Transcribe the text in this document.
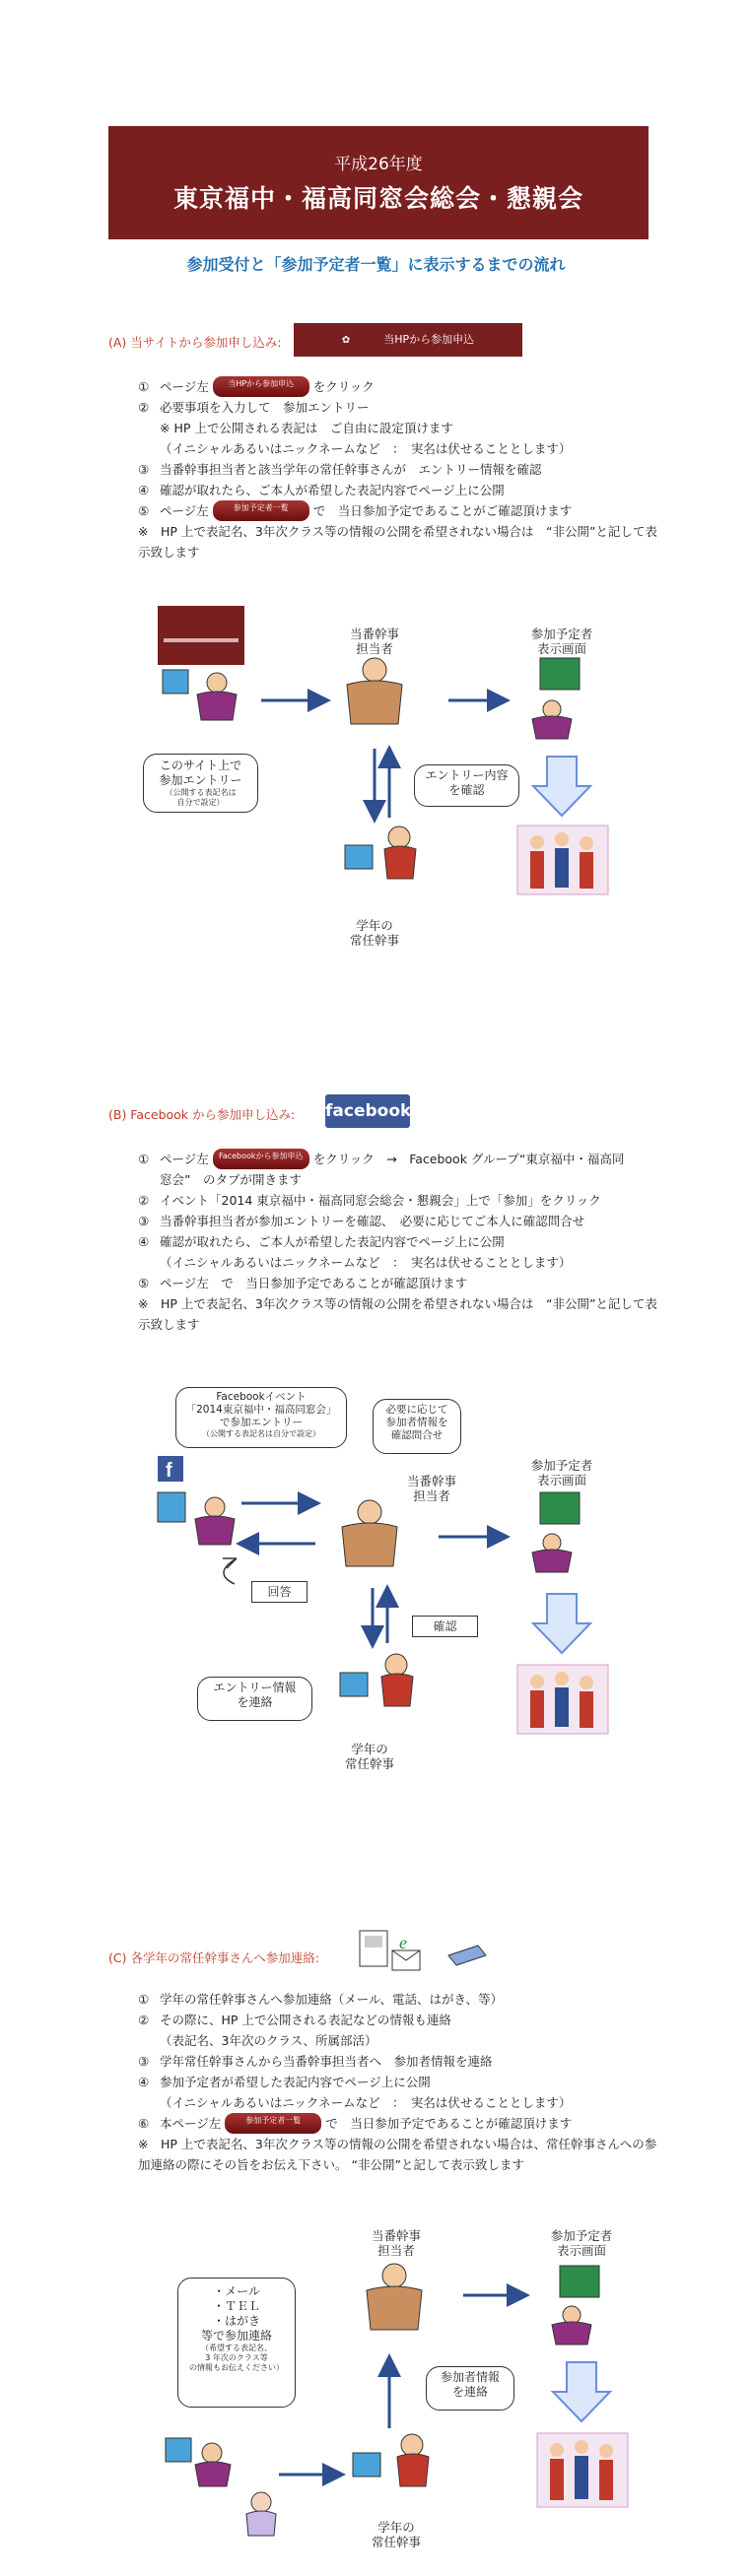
平成26年度
東京福中・福高同窓会総会・懇親会
参加受付と「参加予定者一覧」に表示するまでの流れ
(A) 当サイトから参加申し込み:	✿	当HPから参加申込
① ページ左
	当HPから参加申込
	をクリック
② 必要事項を入力して　参加エントリー
※ HP 上で公開される表記は　ご自由に設定頂けます
（イニシャルあるいはニックネームなど　：　実名は伏せることとします）
③ 当番幹事担当者と該当学年の常任幹事さんが　エントリー情報を確認
④ 確認が取れたら、ご本人が希望した表記内容でページ上に公開
⑤ ページ左
	参加予定者一覧
	で　当日参加予定であることがご確認頂けます
※　HP 上で表記名、3年次クラス等の情報の公開を希望されない場合は　“非公開”と記して表示致します
当番幹事
担当者
参加予定者
表示画面
このサイト上で
参加エントリー
（公開する表記名は
自分で設定）
エントリー内容
を確認
学年の
常任幹事
(B) Facebook から参加申し込み: facebook
① ページ左
	Facebookから参加申込
をクリック　→　Facebook グループ“東京福中・福高同
窓会”　のタブが開きます
② イベント「2014 東京福中・福高同窓会総会・懇親会」上で「参加」をクリック
③ 当番幹事担当者が参加エントリーを確認、　必要に応じてご本人に確認問合せ
④ 確認が取れたら、ご本人が希望した表記内容でページ上に公開
（イニシャルあるいはニックネームなど　：　実名は伏せることとします）
⑤ ページ左　で　当日参加予定であることが確認頂けます
※　HP 上で表記名、3年次クラス等の情報の公開を希望されない場合は　“非公開”と記して表示致します
f
Facebookイベント
「2014東京福中・福高同窓会」
で参加エントリー
（公開する表記名は自分で設定）
必要に応じて
参加者情報を
確認問合せ
当番幹事
担当者
参加予定者
表示画面
回答
確認
エントリー情報
を連絡
学年の
常任幹事
(C) 各学年の常任幹事さんへ参加連絡:
e
① 学年の常任幹事さんへ参加連絡（メール、電話、はがき、等）
② その際に、HP 上で公開される表記などの情報も連絡
（表記名、3年次のクラス、所属部活）
③ 学年常任幹事さんから当番幹事担当者へ　参加者情報を連絡
④ 参加予定者が希望した表記内容でページ上に公開
（イニシャルあるいはニックネームなど　：　実名は伏せることとします）
⑥ 本ページ左
	参加予定者一覧
	で　当日参加予定であることが確認頂けます
※　HP 上で表記名、3年次クラス等の情報の公開を希望されない場合は、常任幹事さんへの参加連絡の際にその旨をお伝え下さい。 “非公開”と記して表示致します
当番幹事
担当者
参加予定者
表示画面
・メール
・ＴＥＬ
・はがき
等で参加連絡
（希望する表記名、
3 年次のクラス等
の情報もお伝えください）
参加者情報
を連絡
学年の
常任幹事
